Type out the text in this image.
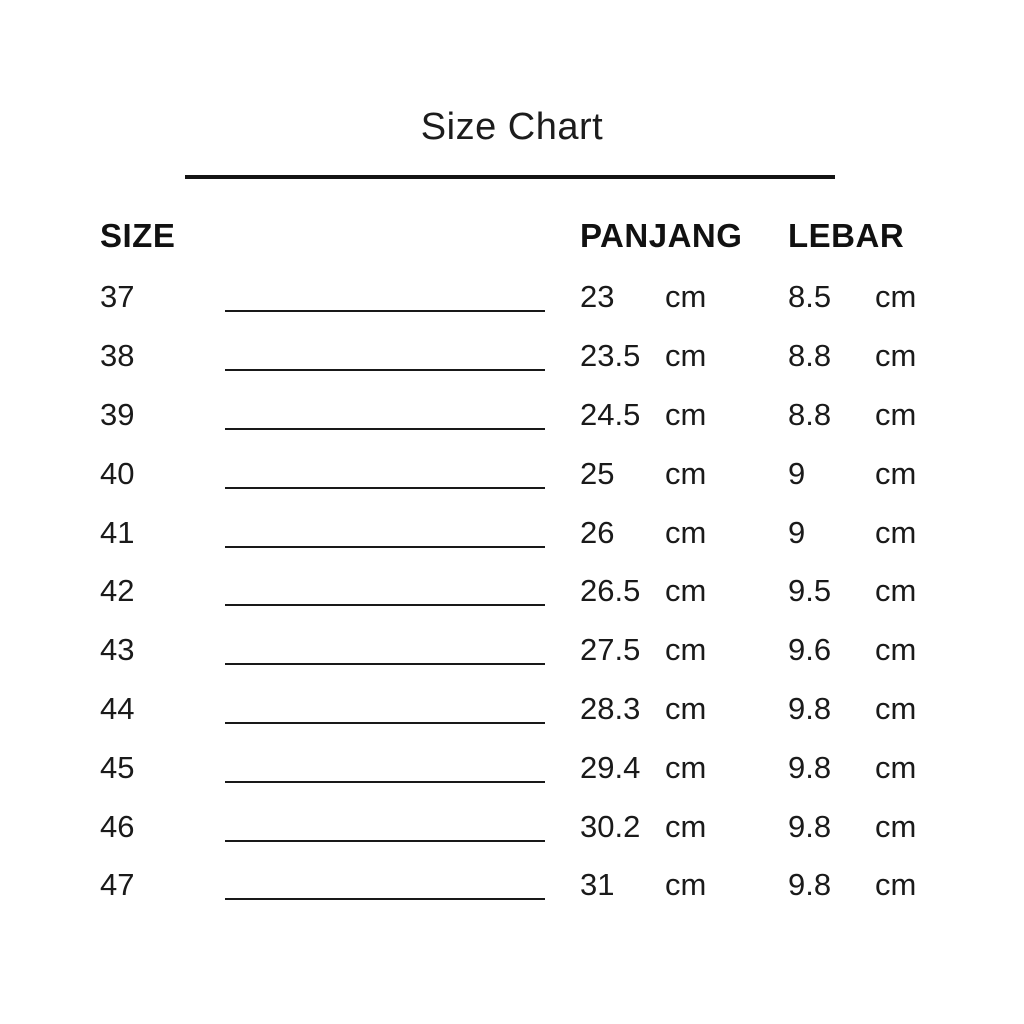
Size Chart
SIZE	PANJANG	LEBAR
37	23	cm	8.5	cm
38	23.5 cm	8.8	cm
39	24.5 cm	8.8	cm
40	25	cm	9	cm
41	26	cm	9	cm
42	26.5 cm	9.5	cm
43	27.5 cm	9.6	cm
44	28.3 cm	9.8	cm
45	29.4 cm	9.8	cm
46	30.2 cm	9.8	cm
47	31	cm	9.8	cm
